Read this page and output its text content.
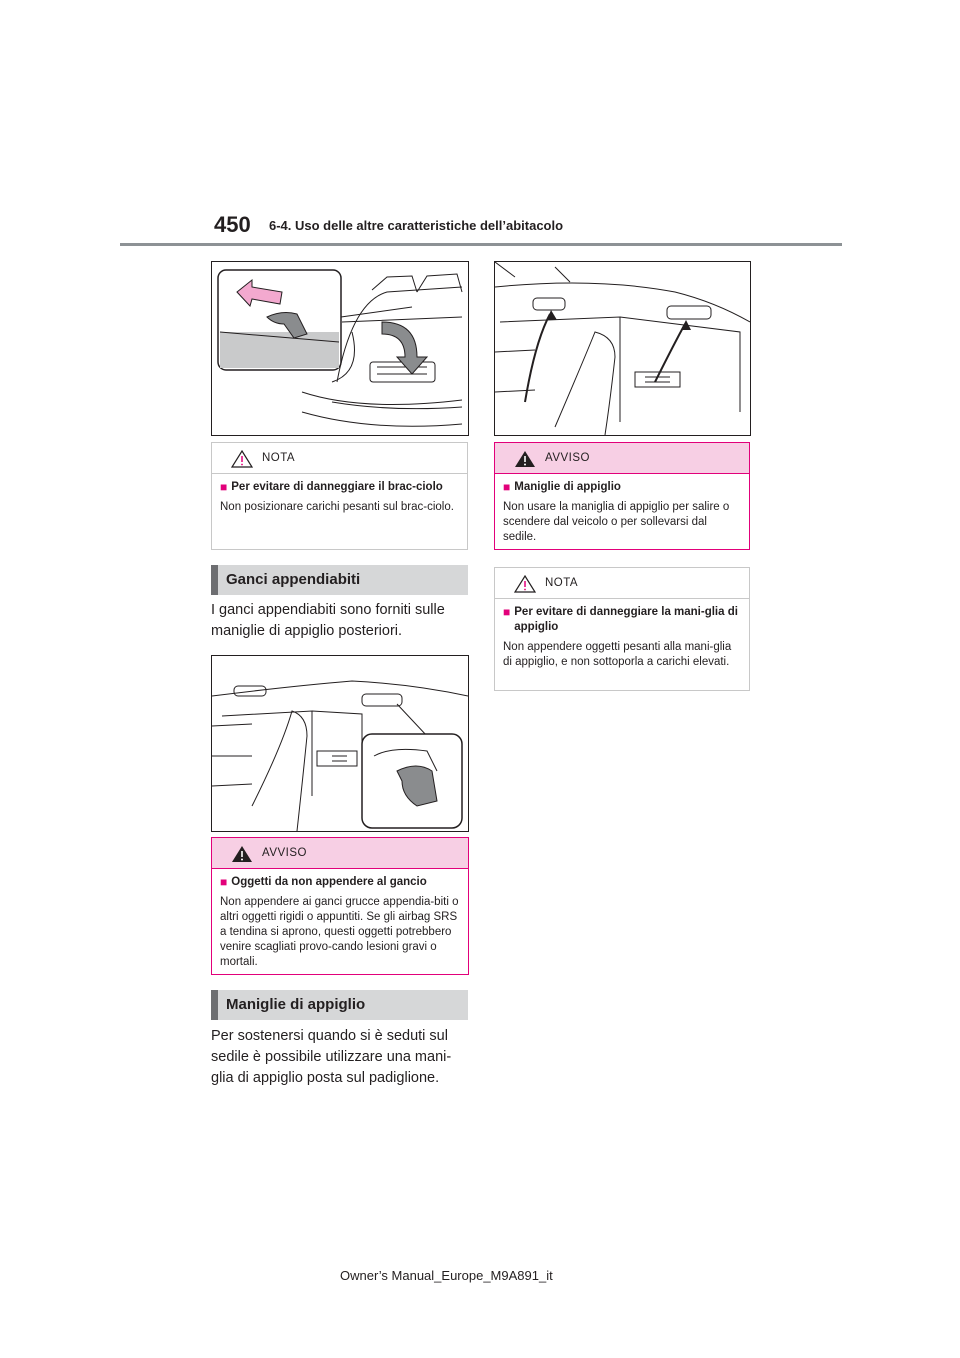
450 6-4. Uso delle altre caratteristiche dell’abitacolo
NOTA
■ Per evitare di danneggiare il brac-ciolo

Non posizionare carichi pesanti sul brac-ciolo.

Ganci appendiabiti
I ganci appendiabiti sono forniti sulle maniglie di appiglio posteriori.
AVVISO
■ Oggetti da non appendere al gancio

Non appendere ai ganci grucce appendia-biti o altri oggetti rigidi o appuntiti. Se gli airbag SRS a tendina si aprono, questi oggetti potrebbero venire scagliati provo-cando lesioni gravi o mortali.

Maniglie di appiglio
Per sostenersi quando si è seduti sul sedile è possibile utilizzare una mani-glia di appiglio posta sul padiglione.
AVVISO
■ Maniglie di appiglio

Non usare la maniglia di appiglio per salire o scendere dal veicolo o per sollevarsi dal sedile.

NOTA
■ Per evitare di danneggiare la mani-glia di appiglio

Non appendere oggetti pesanti alla mani-glia di appiglio, e non sottoporla a carichi elevati.

Owner’s Manual_Europe_M9A891_it
